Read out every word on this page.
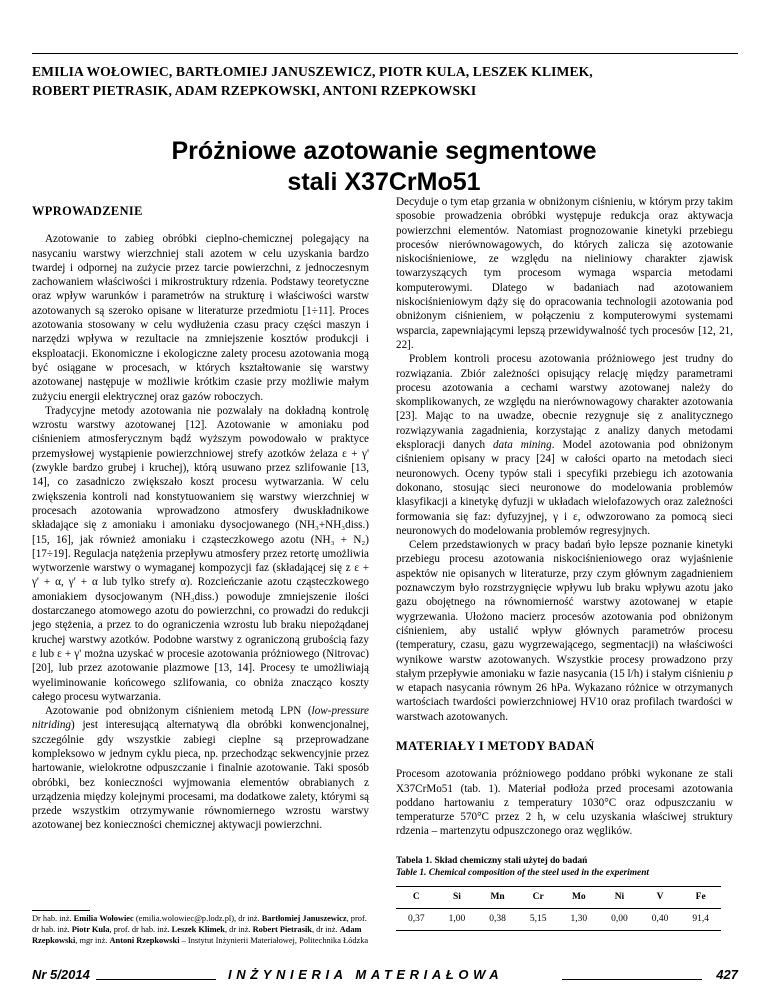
EMILIA WOŁOWIEC, BARTŁOMIEJ JANUSZEWICZ, PIOTR KULA, LESZEK KLIMEK,
ROBERT PIETRASIK, ADAM RZEPKOWSKI, ANTONI RZEPKOWSKI
Próżniowe azotowanie segmentowe
stali X37CrMo51
WPROWADZENIE

Azotowanie to zabieg obróbki cieplno-chemicznej polegający na nasycaniu warstwy wierzchniej stali azotem w celu uzyskania bardzo twardej i odpornej na zużycie przez tarcie powierzchni, z jednoczesnym zachowaniem właściwości i mikrostruktury rdzenia. Podstawy teoretyczne oraz wpływ warunków i parametrów na strukturę i właściwości warstw azotowanych są szeroko opisane w literaturze przedmiotu [1÷11]. Proces azotowania stosowany w celu wydłużenia czasu pracy części maszyn i narzędzi wpływa w rezultacie na zmniejszenie kosztów produkcji i eksploatacji. Ekonomiczne i ekologiczne zalety procesu azotowania mogą być osiągane w procesach, w których kształtowanie się warstwy azotowanej następuje w możliwie krótkim czasie przy możliwie małym zużyciu energii elektrycznej oraz gazów roboczych.

Tradycyjne metody azotowania nie pozwalały na dokładną kontrolę wzrostu warstwy azotowanej [12]. Azotowanie w amoniaku pod ciśnieniem atmosferycznym bądź wyższym powodowało w praktyce przemysłowej wystąpienie powierzchniowej strefy azotków żelaza ε + γ' (zwykle bardzo grubej i kruchej), którą usuwano przez szlifowanie [13, 14], co zasadniczo zwiększało koszt procesu wytwarzania. W celu zwiększenia kontroli nad konstytuowaniem się warstwy wierzchniej w procesach azotowania wprowadzono atmosfery dwuskładnikowe składające się z amoniaku i amoniaku dysocjowanego (NH₃+NH₃diss.) [15, 16], jak również amoniaku i cząsteczkowego azotu (NH₃ + N₂) [17÷19]. Regulacja natężenia przepływu atmosfery przez retortę umożliwia wytworzenie warstwy o wymaganej kompozycji faz (składającej się z ε + γ' + α, γ' + α lub tylko strefy α). Rozcieńczanie azotu cząsteczkowego amoniakiem dysocjowanym (NH₃diss.) powoduje zmniejszenie ilości dostarczanego atomowego azotu do powierzchni, co prowadzi do redukcji jego stężenia, a przez to do ograniczenia wzrostu lub braku niepożądanej kruchej warstwy azotków. Podobne warstwy z ograniczoną grubością fazy ε lub ε + γ' można uzyskać w procesie azotowania próżniowego (Nitrovac) [20], lub przez azotowanie plazmowe [13, 14]. Procesy te umożliwiają wyeliminowanie końcowego szlifowania, co obniża znacząco koszty całego procesu wytwarzania.

Azotowanie pod obniżonym ciśnieniem metodą LPN (low-pressure nitriding) jest interesującą alternatywą dla obróbki konwencjonalnej, szczególnie gdy wszystkie zabiegi cieplne są przeprowadzane kompleksowo w jednym cyklu pieca, np. przechodząc sekwencyjnie przez hartowanie, wielokrotne odpuszczanie i finalnie azotowanie. Taki sposób obróbki, bez konieczności wyjmowania elementów obrabianych z urządzenia między kolejnymi procesami, ma dodatkowe zalety, którymi są przede wszystkim otrzymywanie równomiernego wzrostu warstwy azotowanej bez konieczności chemicznej aktywacji powierzchni.

Dr hab. inż. Emilia Wołowiec (emilia.wolowiec@p.lodz.pl), dr inż. Bartłomiej Januszewicz, prof. dr hab. inż. Piotr Kula, prof. dr hab. inż. Leszek Klimek, dr inż. Robert Pietrasik, dr inż. Adam Rzepkowski, mgr inż. Antoni Rzepkowski – Instytut Inżynierii Materiałowej, Politechnika Łódzka

Decyduje o tym etap grzania w obniżonym ciśnieniu, w którym przy takim sposobie prowadzenia obróbki występuje redukcja oraz aktywacja powierzchni elementów. Natomiast prognozowanie kinetyki przebiegu procesów nierównowagowych, do których zalicza się azotowanie niskociśnieniowe, ze względu na nieliniowy charakter zjawisk towarzyszących tym procesom wymaga wsparcia metodami komputerowymi. Dlatego w badaniach nad azotowaniem niskociśnieniowym dąży się do opracowania technologii azotowania pod obniżonym ciśnieniem, w połączeniu z komputerowymi systemami wsparcia, zapewniającymi lepszą przewidywalność tych procesów [12, 21, 22].

Problem kontroli procesu azotowania próżniowego jest trudny do rozwiązania. Zbiór zależności opisujący relację między parametrami procesu azotowania a cechami warstwy azotowanej należy do skomplikowanych, ze względu na nierównowagowy charakter azotowania [23]. Mając to na uwadze, obecnie rezygnuje się z analitycznego rozwiązywania zagadnienia, korzystając z analizy danych metodami eksploracji danych data mining. Model azotowania pod obniżonym ciśnieniem opisany w pracy [24] w całości oparto na metodach sieci neuronowych. Oceny typów stali i specyfiki przebiegu ich azotowania dokonano, stosując sieci neuronowe do modelowania problemów klasyfikacji a kinetykę dyfuzji w układach wielofazowych oraz zależności formowania się faz: dyfuzyjnej, γ i ε, odwzorowano za pomocą sieci neuronowych do modelowania problemów regresyjnych.

Celem przedstawionych w pracy badań było lepsze poznanie kinetyki przebiegu procesu azotowania niskociśnieniowego oraz wyjaśnienie aspektów nie opisanych w literaturze, przy czym głównym zagadnieniem poznawczym było rozstrzygnięcie wpływu lub braku wpływu azotu jako gazu obojętnego na równomierność warstwy azotowanej w etapie wygrzewania. Ułożono macierz procesów azotowania pod obniżonym ciśnieniem, aby ustalić wpływ głównych parametrów procesu (temperatury, czasu, gazu wygrzewającego, segmentacji) na właściwości wynikowe warstw azotowanych. Wszystkie procesy prowadzono przy stałym przepływie amoniaku w fazie nasycania (15 l/h) i stałym ciśnieniu p w etapach nasycania równym 26 hPa. Wykazano różnice w otrzymanych wartościach twardości powierzchniowej HV10 oraz profilach twardości w warstwach azotowanych.

MATERIAŁY I METODY BADAŃ

Procesom azotowania próżniowego poddano próbki wykonane ze stali X37CrMo51 (tab. 1). Materiał podłoża przed procesami azotowania poddano hartowaniu z temperatury 1030°C oraz odpuszczaniu w temperaturze 570°C przez 2 h, w celu uzyskania właściwej struktury rdzenia – martenzytu odpuszczonego oraz węglików.

Tabela 1. Skład chemiczny stali użytej do badań
Table 1. Chemical composition of the steel used in the experiment
C	Si	Mn	Cr	Mo	Ni	V	Fe
0,37	1,00	0,38	5,15	1,30	0,00	0,40	91,4
Nr 5/2014	INŻYNIERIA MATERIAŁOWA	427
